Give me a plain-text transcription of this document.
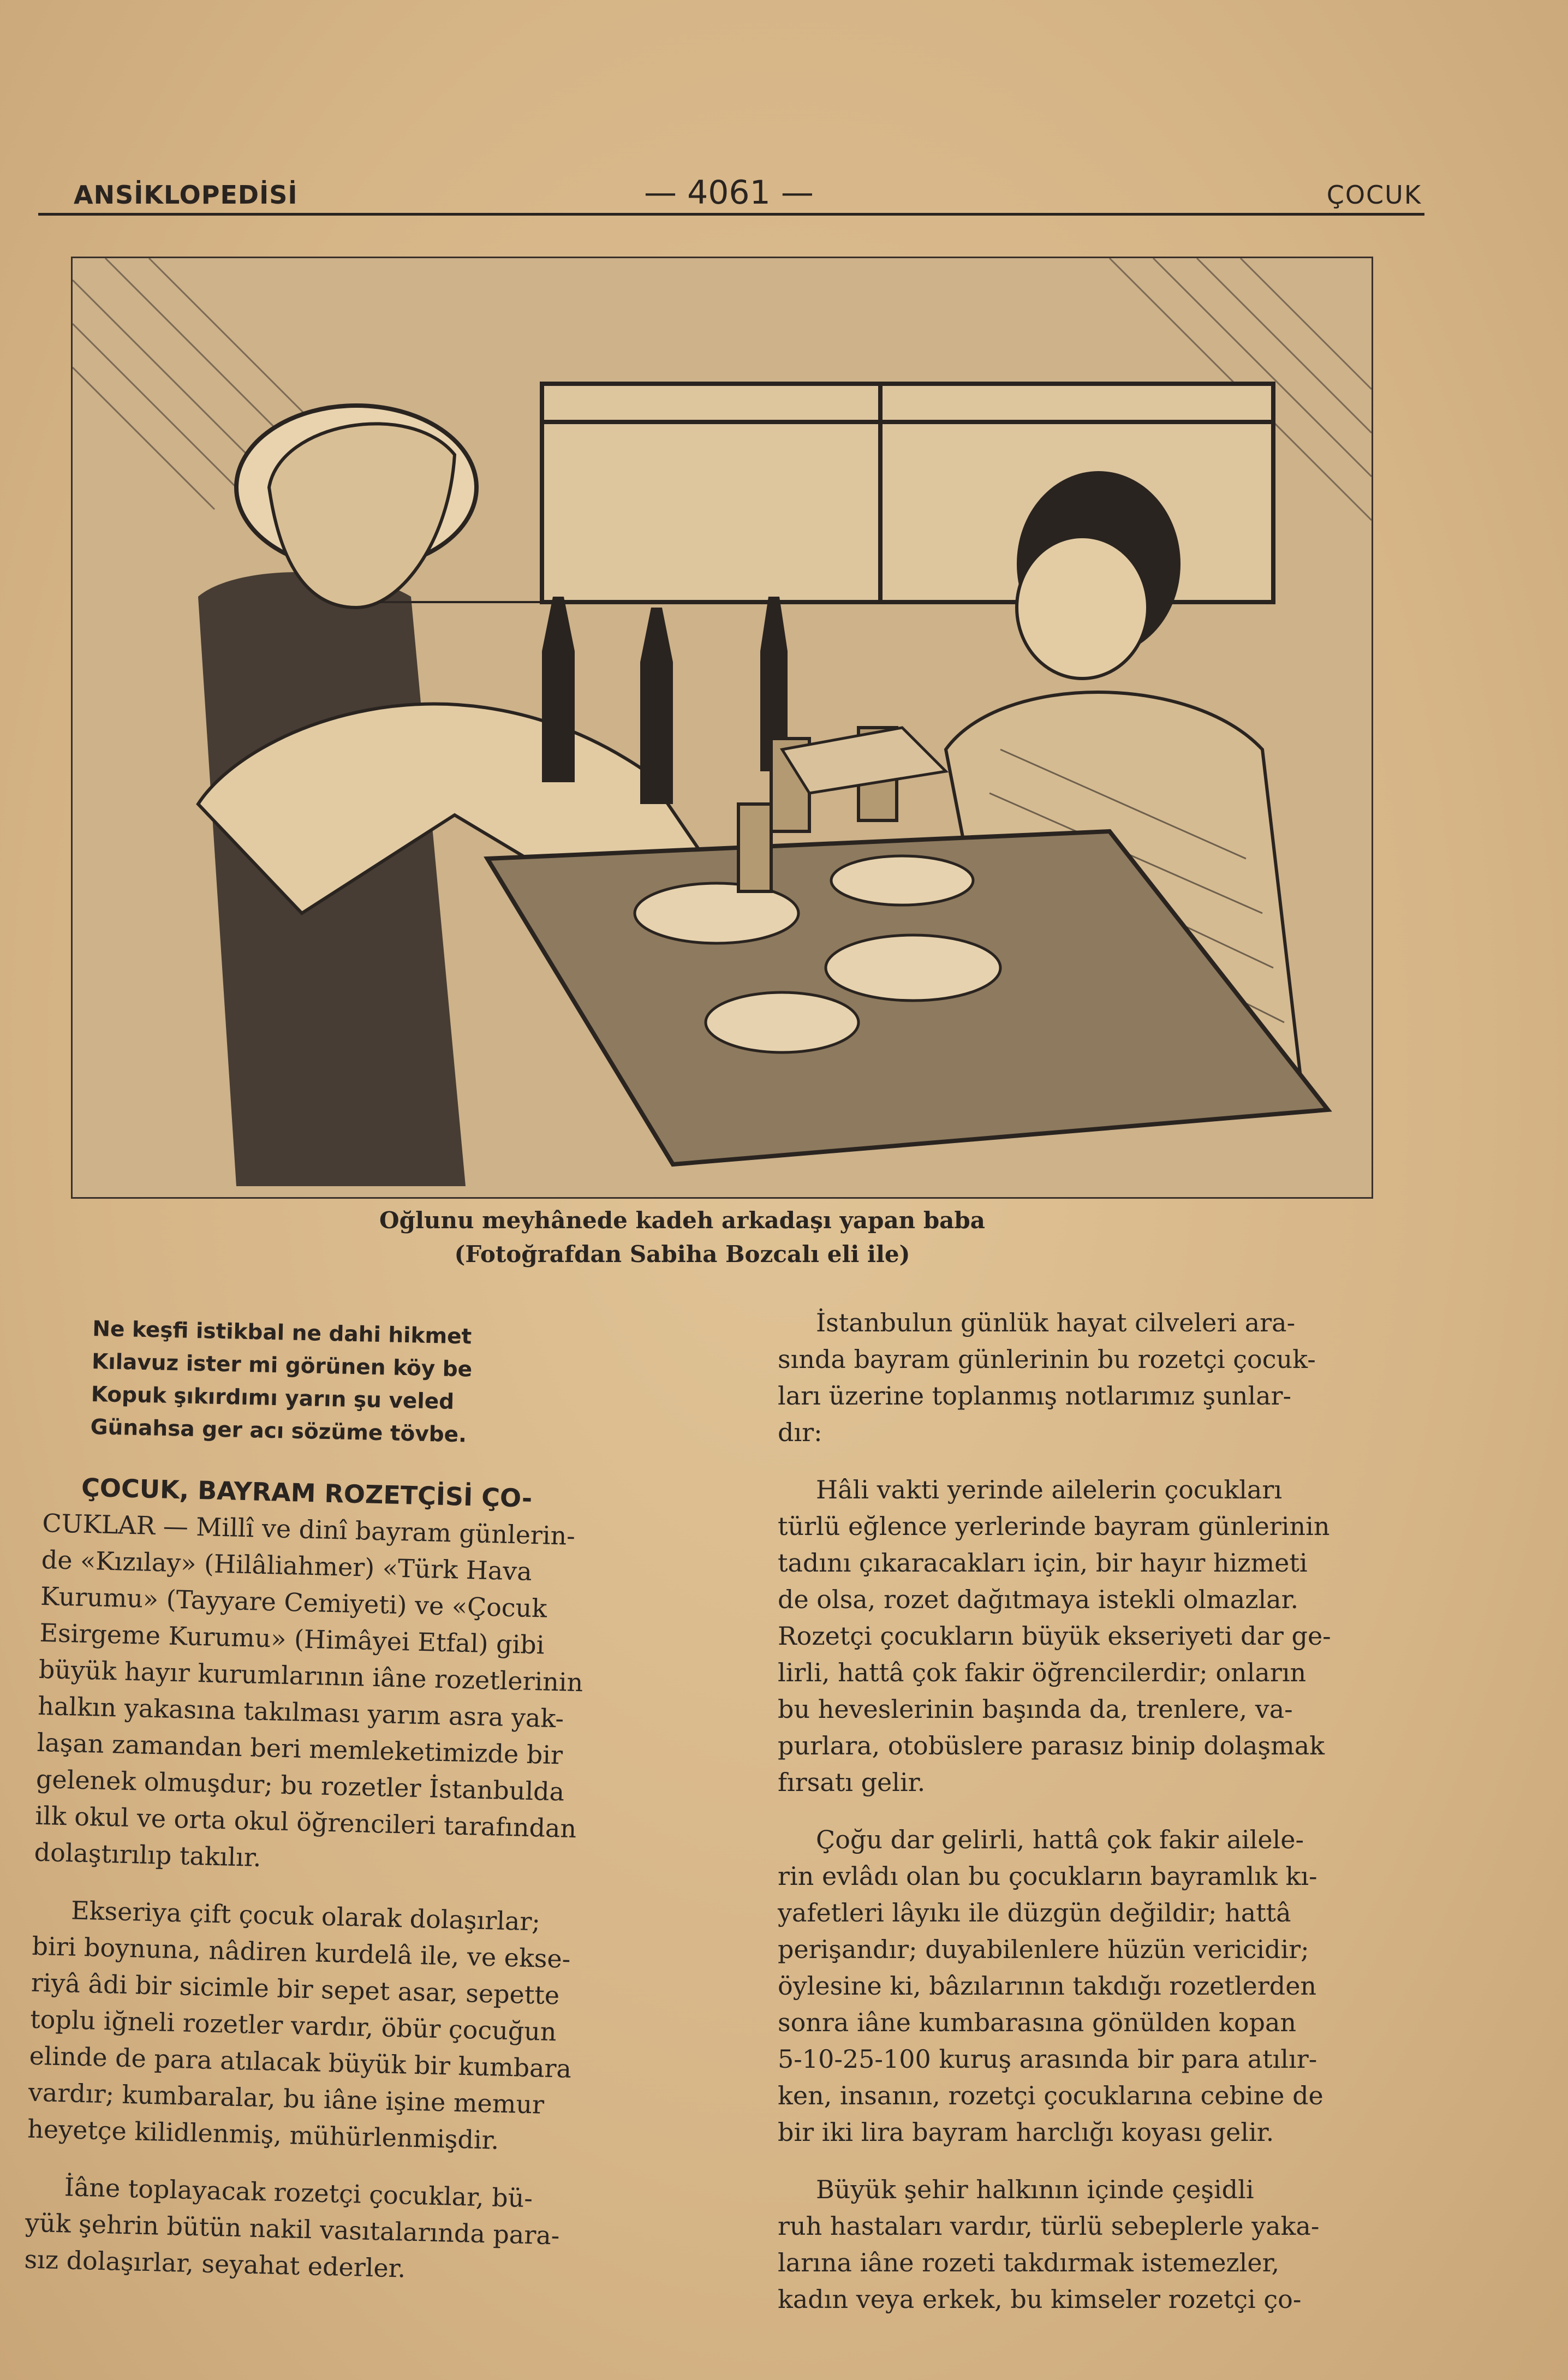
ANSİKLOPEDİSİ	— 4061 —	ÇOCUK
Oğlunu meyhânede kadeh arkadaşı yapan baba
(Fotoğrafdan Sabiha Bozcalı eli ile)
Ne keşfi istikbal ne dahi hikmet
Kılavuz ister mi görünen köy be
Kopuk şıkırdımı yarın şu veled
Günahsa ger acı sözüme tövbe.

ÇOCUK, BAYRAM ROZETÇİSİ ÇO-
CUKLAR — Millî ve dinî bayram günlerin-
de «Kızılay» (Hilâliahmer) «Türk Hava
Kurumu» (Tayyare Cemiyeti) ve «Çocuk
Esirgeme Kurumu» (Himâyei Etfal) gibi
büyük hayır kurumlarının iâne rozetlerinin
halkın yakasına takılması yarım asra yak-
laşan zamandan beri memleketimizde bir
gelenek olmuşdur; bu rozetler İstanbulda
ilk okul ve orta okul öğrencileri tarafından
dolaştırılıp takılır.

Ekseriya çift çocuk olarak dolaşırlar;
biri boynuna, nâdiren kurdelâ ile, ve ekse-
riyâ âdi bir sicimle bir sepet asar, sepette
toplu iğneli rozetler vardır, öbür çocuğun
elinde de para atılacak büyük bir kumbara
vardır; kumbaralar, bu iâne işine memur
heyetçe kilidlenmiş, mühürlenmişdir.

İâne toplayacak rozetçi çocuklar, bü-
yük şehrin bütün nakil vasıtalarında para-
sız dolaşırlar, seyahat ederler.

İstanbulun günlük hayat cilveleri ara-
sında bayram günlerinin bu rozetçi çocuk-
ları üzerine toplanmış notlarımız şunlar-
dır:

Hâli vakti yerinde ailelerin çocukları
türlü eğlence yerlerinde bayram günlerinin
tadını çıkaracakları için, bir hayır hizmeti
de olsa, rozet dağıtmaya istekli olmazlar.
Rozetçi çocukların büyük ekseriyeti dar ge-
lirli, hattâ çok fakir öğrencilerdir; onların
bu heveslerinin başında da, trenlere, va-
purlara, otobüslere parasız binip dolaşmak
fırsatı gelir.

Çoğu dar gelirli, hattâ çok fakir ailele-
rin evlâdı olan bu çocukların bayramlık kı-
yafetleri lâyıkı ile düzgün değildir; hattâ
perişandır; duyabilenlere hüzün vericidir;
öylesine ki, bâzılarının takdığı rozetlerden
sonra iâne kumbarasına gönülden kopan
5-10-25-100 kuruş arasında bir para atılır-
ken, insanın, rozetçi çocuklarına cebine de
bir iki lira bayram harclığı koyası gelir.

Büyük şehir halkının içinde çeşidli
ruh hastaları vardır, türlü sebeplerle yaka-
larına iâne rozeti takdırmak istemezler,
kadın veya erkek, bu kimseler rozetçi ço-
